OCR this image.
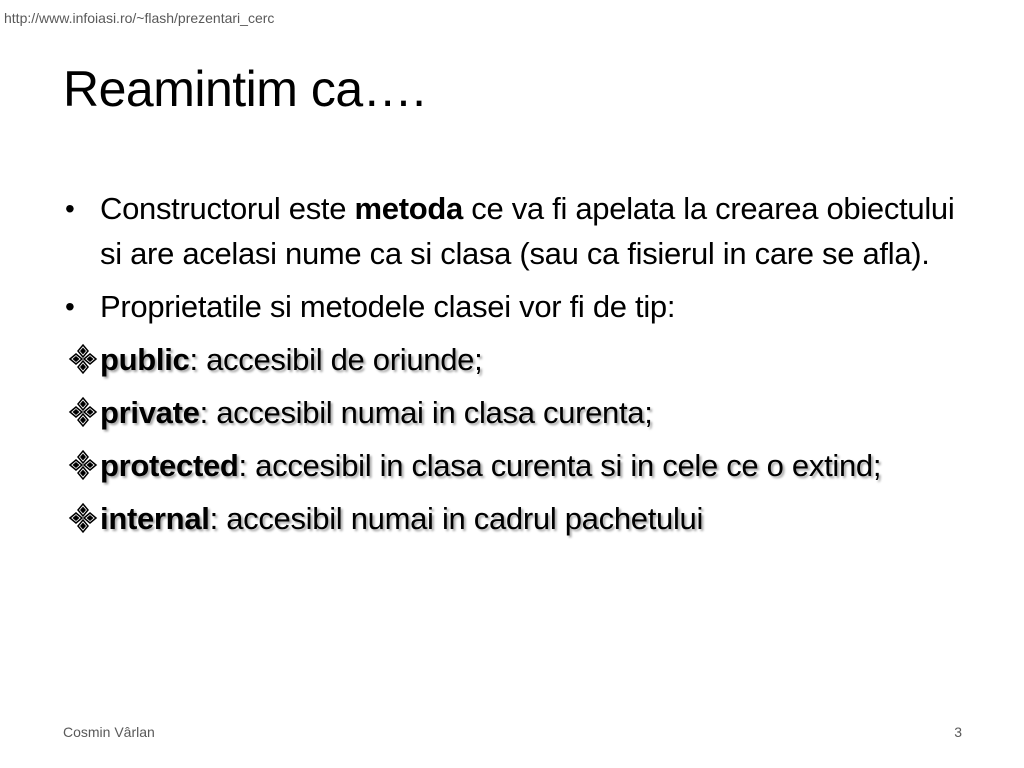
http://www.infoiasi.ro/~flash/prezentari_cerc
Reamintim ca….
• Constructorul este metoda ce va fi apelata la crearea obiectului si are acelasi nume ca si clasa (sau ca fisierul in care se afla).
• Proprietatile si metodele clasei vor fi de tip:
public: accesibil de oriunde;
private: accesibil numai in clasa curenta;
protected: accesibil in clasa curenta si in cele ce o extind;
internal: accesibil numai in cadrul pachetului
Cosmin Vârlan	3
